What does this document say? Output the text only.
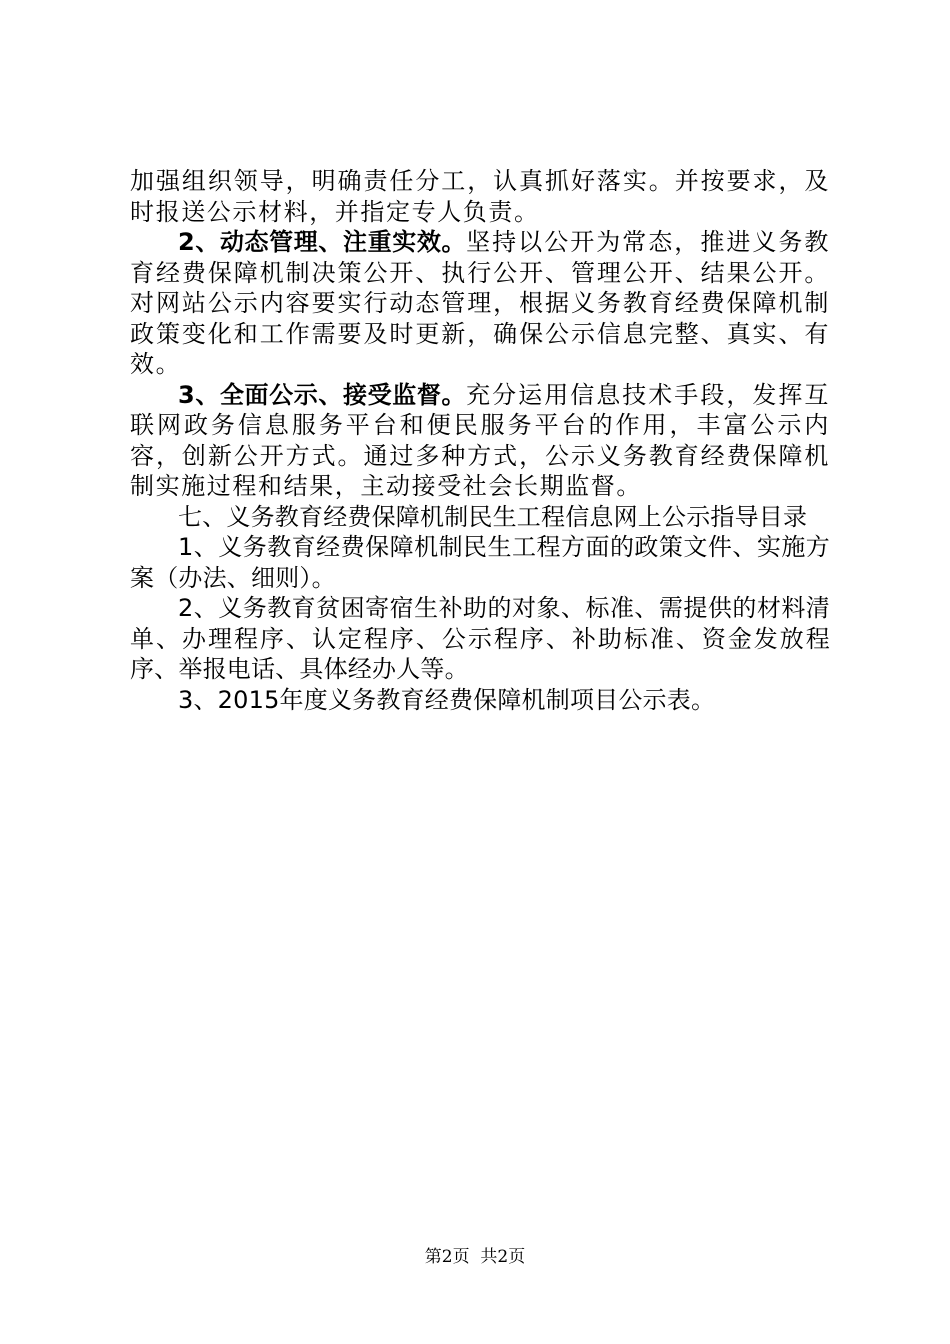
加强组织领导，明确责任分工，认真抓好落实。并按要求，及时报送公示材料，并指定专人负责。

2、动态管理、注重实效。坚持以公开为常态，推进义务教育经费保障机制决策公开、执行公开、管理公开、结果公开。对网站公示内容要实行动态管理，根据义务教育经费保障机制政策变化和工作需要及时更新，确保公示信息完整、真实、有效。

3、全面公示、接受监督。充分运用信息技术手段，发挥互联网政务信息服务平台和便民服务平台的作用，丰富公示内容，创新公开方式。通过多种方式，公示义务教育经费保障机制实施过程和结果，主动接受社会长期监督。

七、义务教育经费保障机制民生工程信息网上公示指导目录

1、义务教育经费保障机制民生工程方面的政策文件、实施方案（办法、细则）。

2、义务教育贫困寄宿生补助的对象、标准、需提供的材料清单、办理程序、认定程序、公示程序、补助标准、资金发放程序、举报电话、具体经办人等。

3、2015年度义务教育经费保障机制项目公示表。

第2页  共2页
